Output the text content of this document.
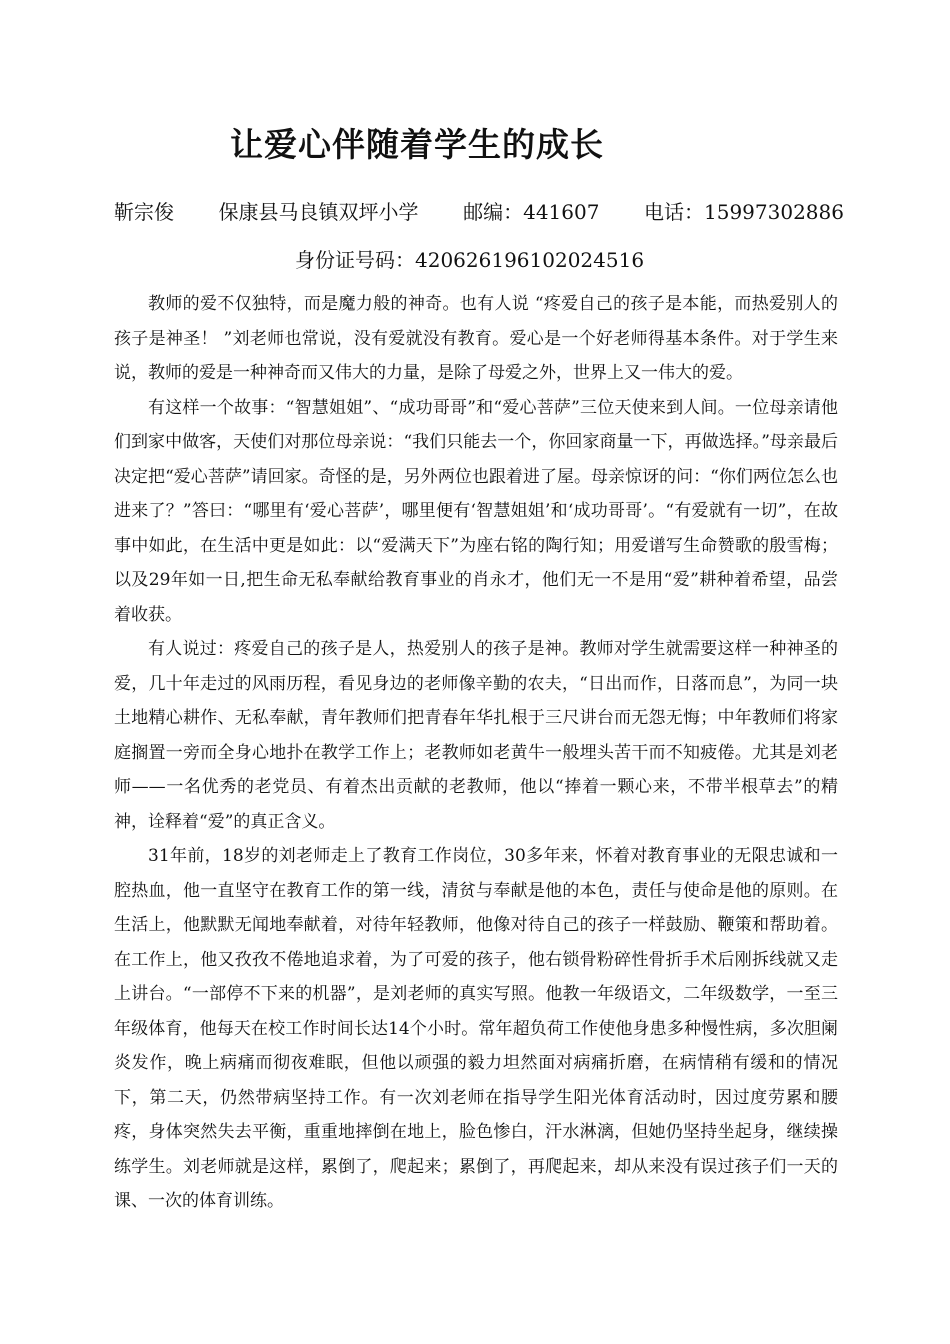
让爱心伴随着学生的成长
靳宗俊 保康县马良镇双坪小学 邮编：441607 电话：15997302886
身份证号码：420626196102024516

教师的爱不仅独特，而是魔力般的神奇。也有人说 “疼爱自己的孩子是本能，而热爱别人的孩子是神圣！ ”刘老师也常说，没有爱就没有教育。爱心是一个好老师得基本条件。对于学生来说，教师的爱是一种神奇而又伟大的力量，是除了母爱之外，世界上又一伟大的爱。

有这样一个故事：“智慧姐姐”、“成功哥哥”和“爱心菩萨”三位天使来到人间。一位母亲请他们到家中做客，天使们对那位母亲说：“我们只能去一个，你回家商量一下，再做选择。”母亲最后决定把“爱心菩萨”请回家。奇怪的是，另外两位也跟着进了屋。母亲惊讶的问：“你们两位怎么也进来了？”答曰：“哪里有‘爱心菩萨’，哪里便有‘智慧姐姐’和‘成功哥哥’。“有爱就有一切”，在故事中如此，在生活中更是如此：以“爱满天下”为座右铭的陶行知；用爱谱写生命赞歌的殷雪梅；以及29年如一日,把生命无私奉献给教育事业的肖永才，他们无一不是用“爱”耕种着希望，品尝着收获。

有人说过：疼爱自己的孩子是人，热爱别人的孩子是神。教师对学生就需要这样一种神圣的爱，几十年走过的风雨历程，看见身边的老师像辛勤的农夫，“日出而作，日落而息”，为同一块土地精心耕作、无私奉献，青年教师们把青春年华扎根于三尺讲台而无怨无悔；中年教师们将家庭搁置一旁而全身心地扑在教学工作上；老教师如老黄牛一般埋头苦干而不知疲倦。尤其是刘老师——一名优秀的老党员、有着杰出贡献的老教师，他以“捧着一颗心来，不带半根草去”的精神，诠释着“爱”的真正含义。

31年前，18岁的刘老师走上了教育工作岗位，30多年来，怀着对教育事业的无限忠诚和一腔热血，他一直坚守在教育工作的第一线，清贫与奉献是他的本色，责任与使命是他的原则。在生活上，他默默无闻地奉献着，对待年轻教师，他像对待自己的孩子一样鼓励、鞭策和帮助着。在工作上，他又孜孜不倦地追求着，为了可爱的孩子，他右锁骨粉碎性骨折手术后刚拆线就又走上讲台。“一部停不下来的机器”，是刘老师的真实写照。他教一年级语文，二年级数学，一至三年级体育，他每天在校工作时间长达14个小时。常年超负荷工作使他身患多种慢性病，多次胆阑炎发作，晚上病痛而彻夜难眠，但他以顽强的毅力坦然面对病痛折磨，在病情稍有缓和的情况下，第二天，仍然带病坚持工作。有一次刘老师在指导学生阳光体育活动时，因过度劳累和腰疼，身体突然失去平衡，重重地摔倒在地上，脸色惨白，汗水淋漓，但她仍坚持坐起身，继续操练学生。刘老师就是这样，累倒了，爬起来；累倒了，再爬起来，却从来没有误过孩子们一天的课、一次的体育训练。
